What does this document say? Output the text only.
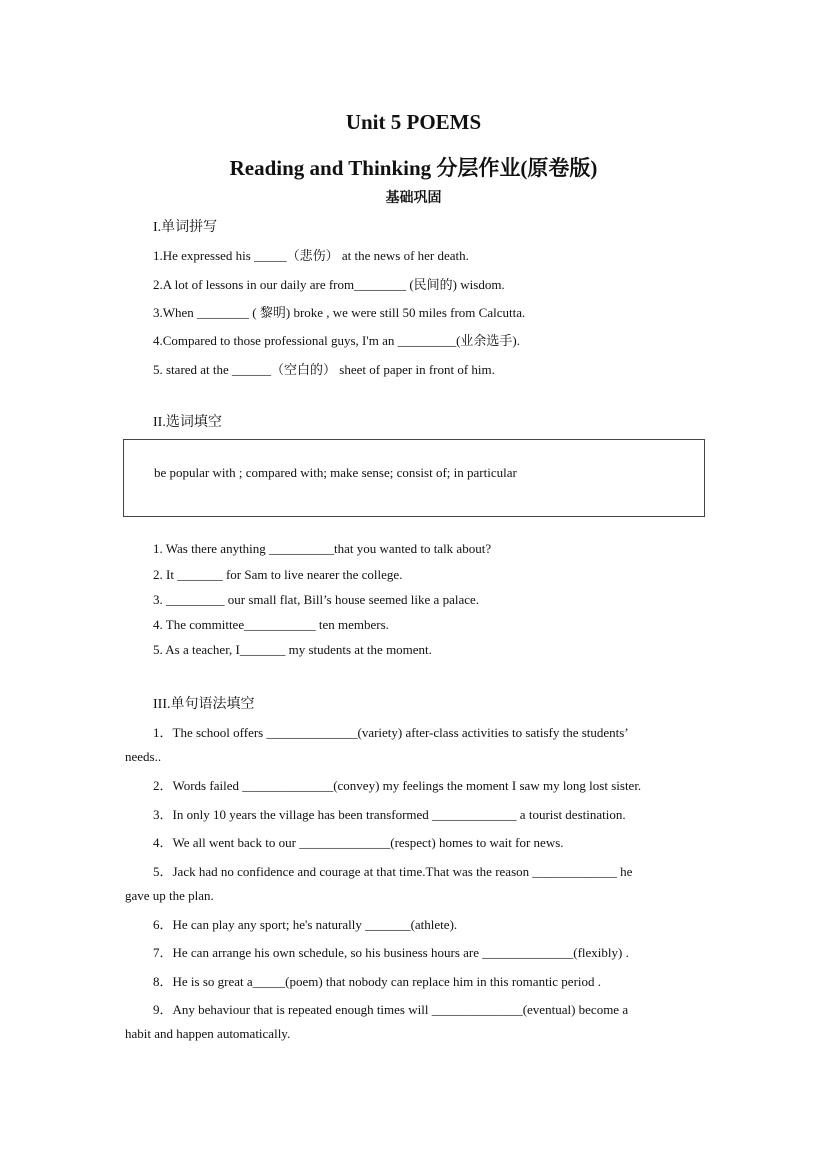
Unit 5 POEMS
Reading and Thinking 分层作业(原卷版)
基础巩固
I.单词拼写
1.He expressed his _____（悲伤） at the news of her death.
2.A lot of lessons in our daily are from________ (民间的) wisdom.
3.When ________ ( 黎明) broke , we were still 50 miles from Calcutta.
4.Compared to those professional guys, I'm an _________(业余选手).
5. stared at the ______（空白的） sheet of paper in front of him.
II.选词填空
be popular with ; compared with; make sense; consist of; in particular
1. Was there anything __________that you wanted to talk about?
2. It _______ for Sam to live nearer the college.
3. _________ our small flat, Bill’s house seemed like a palace.
4. The committee___________ ten members.
5. As a teacher, I_______ my students at the moment.
III.单句语法填空
1．The school offers ______________(variety) after-class activities to satisfy the students’
needs..
2．Words failed ______________(convey) my feelings the moment I saw my long lost sister.
3．In only 10 years the village has been transformed _____________ a tourist destination.
4．We all went back to our ______________(respect) homes to wait for news.
5．Jack had no confidence and courage at that time.That was the reason _____________ he
gave up the plan.
6．He can play any sport; he's naturally _______(athlete).
7．He can arrange his own schedule, so his business hours are ______________(flexibly) .
8．He is so great a_____(poem) that nobody can replace him in this romantic period .
9．Any behaviour that is repeated enough times will ______________(eventual) become a
habit and happen automatically.
